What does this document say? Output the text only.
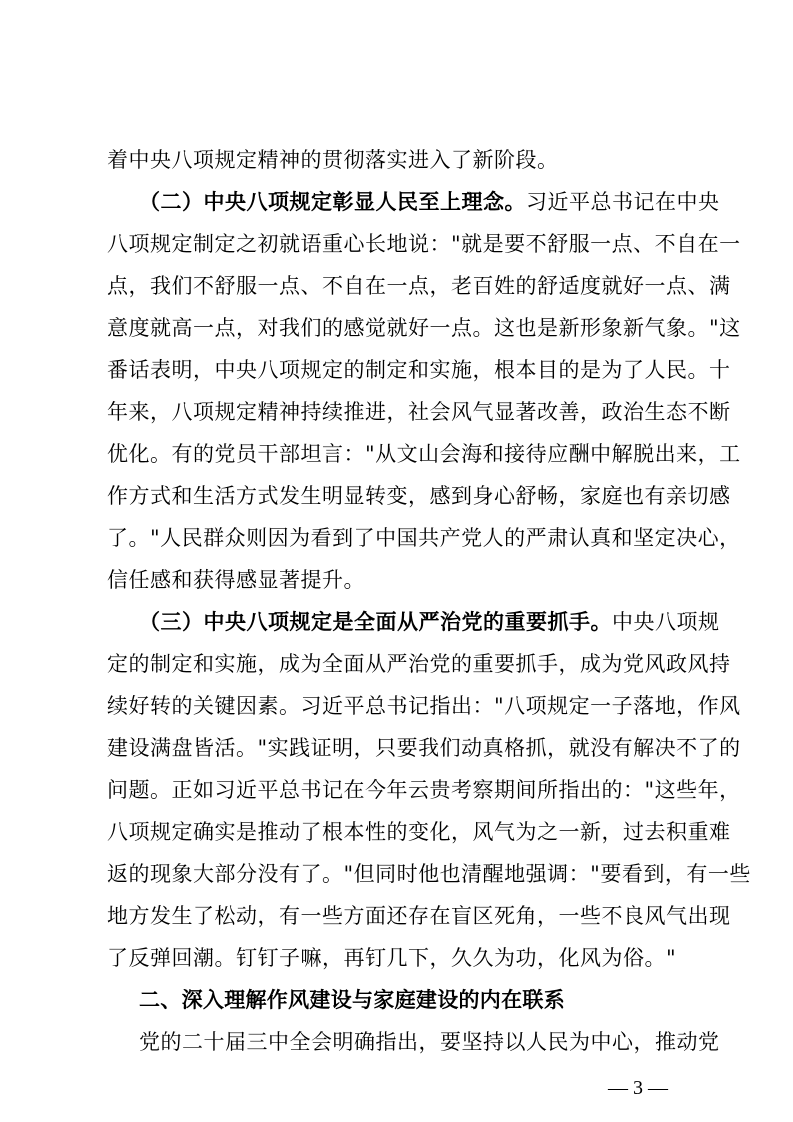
着中央八项规定精神的贯彻落实进入了新阶段。
（二）中央八项规定彰显人民至上理念。习近平总书记在中央
八项规定制定之初就语重心长地说："就是要不舒服一点、不自在一
点，我们不舒服一点、不自在一点，老百姓的舒适度就好一点、满
意度就高一点，对我们的感觉就好一点。这也是新形象新气象。"这
番话表明，中央八项规定的制定和实施，根本目的是为了人民。十
年来，八项规定精神持续推进，社会风气显著改善，政治生态不断
优化。有的党员干部坦言："从文山会海和接待应酬中解脱出来，工
作方式和生活方式发生明显转变，感到身心舒畅，家庭也有亲切感
了。"人民群众则因为看到了中国共产党人的严肃认真和坚定决心，
信任感和获得感显著提升。
（三）中央八项规定是全面从严治党的重要抓手。中央八项规
定的制定和实施，成为全面从严治党的重要抓手，成为党风政风持
续好转的关键因素。习近平总书记指出："八项规定一子落地，作风
建设满盘皆活。"实践证明，只要我们动真格抓，就没有解决不了的
问题。正如习近平总书记在今年云贵考察期间所指出的："这些年，
八项规定确实是推动了根本性的变化，风气为之一新，过去积重难
返的现象大部分没有了。"但同时他也清醒地强调："要看到，有一些
地方发生了松动，有一些方面还存在盲区死角，一些不良风气出现
了反弹回潮。钉钉子嘛，再钉几下，久久为功，化风为俗。"
二、深入理解作风建设与家庭建设的内在联系
党的二十届三中全会明确指出，要坚持以人民为中心，推动党
— 3 —
